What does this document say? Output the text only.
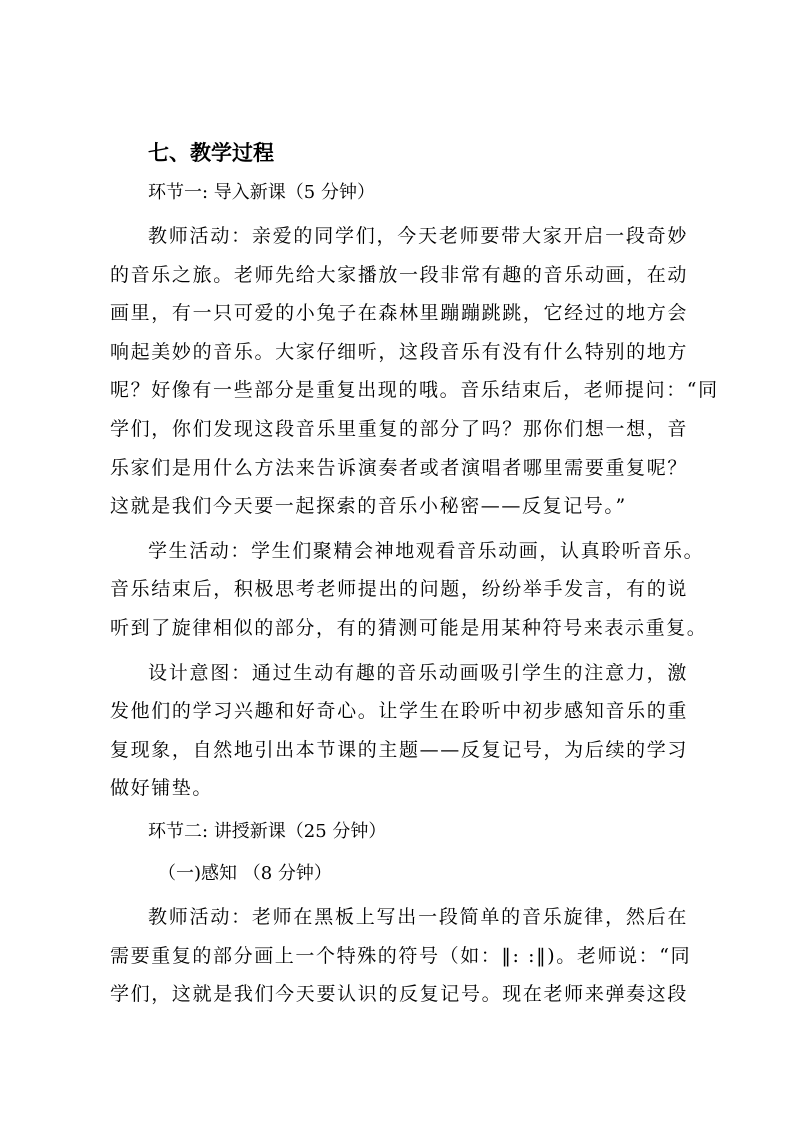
七、教学过程
环节一: 导入新课（5 分钟）
教师活动：亲爱的同学们，今天老师要带大家开启一段奇妙
的音乐之旅。老师先给大家播放一段非常有趣的音乐动画，在动
画里，有一只可爱的小兔子在森林里蹦蹦跳跳，它经过的地方会
响起美妙的音乐。大家仔细听，这段音乐有没有什么特别的地方
呢？好像有一些部分是重复出现的哦。音乐结束后，老师提问：“同
学们，你们发现这段音乐里重复的部分了吗？那你们想一想，音
乐家们是用什么方法来告诉演奏者或者演唱者哪里需要重复呢？
这就是我们今天要一起探索的音乐小秘密——反复记号。”
学生活动：学生们聚精会神地观看音乐动画，认真聆听音乐。
音乐结束后，积极思考老师提出的问题，纷纷举手发言，有的说
听到了旋律相似的部分，有的猜测可能是用某种符号来表示重复。
设计意图：通过生动有趣的音乐动画吸引学生的注意力，激
发他们的学习兴趣和好奇心。让学生在聆听中初步感知音乐的重
复现象，自然地引出本节课的主题——反复记号，为后续的学习
做好铺垫。
环节二: 讲授新课（25 分钟）
（一)感知 （8 分钟）
教师活动：老师在黑板上写出一段简单的音乐旋律，然后在
需要重复的部分画上一个特殊的符号（如：‖: :‖)。老师说：“同
学们，这就是我们今天要认识的反复记号。现在老师来弹奏这段
